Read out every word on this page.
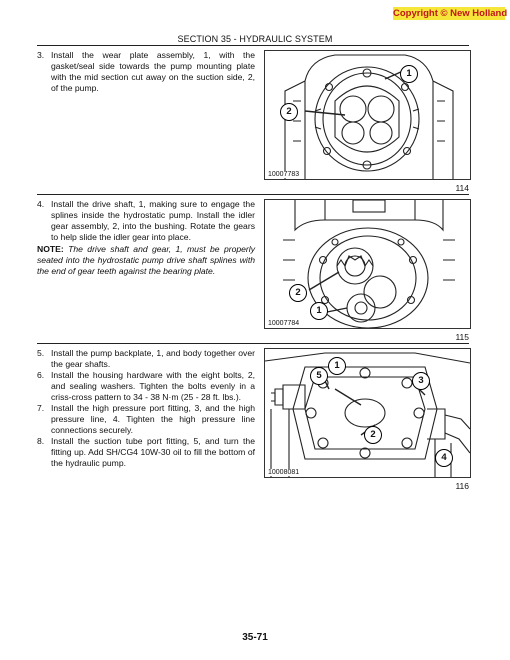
Copyright © New Holland
SECTION 35 - HYDRAULIC SYSTEM
3. Install the wear plate assembly, 1, with the gasket/seal side towards the pump mounting plate with the mid section cut away on the suction side, 2, of the pump.
1
2
10007783
114
4. Install the drive shaft, 1, making sure to engage the splines inside the hydrostatic pump. Install the idler gear assembly, 2, into the bushing. Rotate the gears to help slide the idler gear into place.
NOTE: The drive shaft and gear, 1, must be properly seated into the hydrostatic pump drive shaft splines with the end of gear teeth against the bearing plate.
2
1
10007784
115
5. Install the pump backplate, 1, and body together over the gear shafts.
6. Install the housing hardware with the eight bolts, 2, and sealing washers. Tighten the bolts evenly in a criss-cross pattern to 34 - 38 N·m (25 - 28 ft. lbs.).
7. Install the high pressure port fitting, 3, and the high pressure line, 4. Tighten the high pressure line connections securely.
8. Install the suction tube port fitting, 5, and turn the fitting up. Add SH/CG4 10W-30 oil to fill the bottom of the hydraulic pump.
1
5	3
2
4
10008081
116
35-71
